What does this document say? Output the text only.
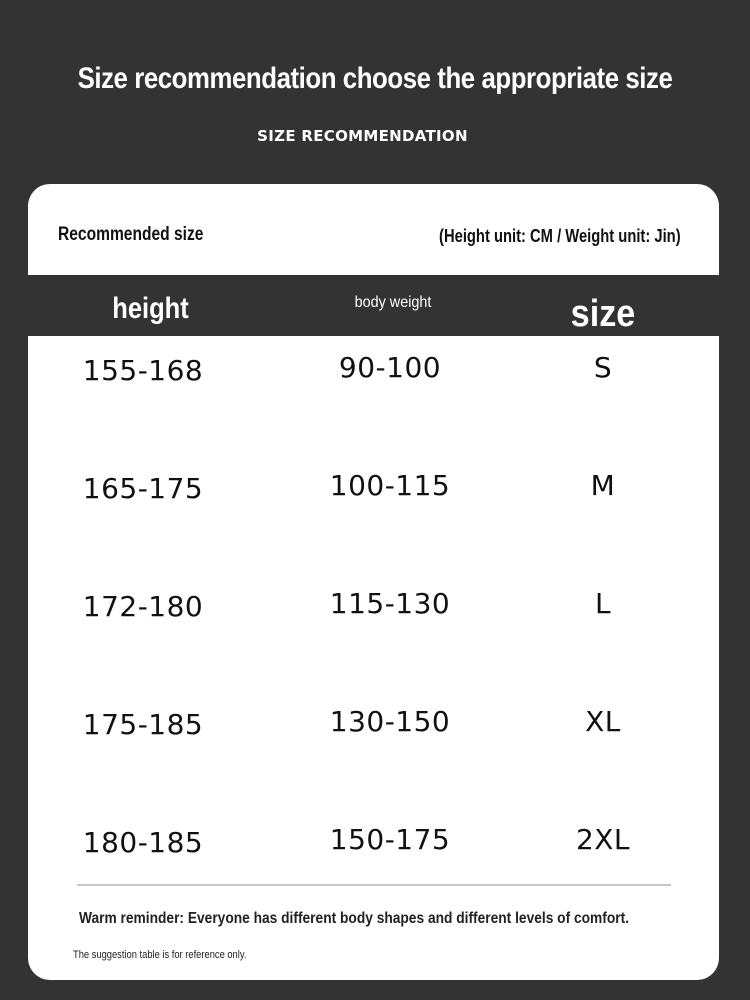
Size recommendation choose the appropriate size
SIZE RECOMMENDATION
Recommended size	(Height unit: CM / Weight unit: Jin)
height	body weight	size
155-168	90-100	S
165-175	100-115	M
172-180	115-130	L
175-185	130-150	XL
180-185	150-175	2XL
Warm reminder: Everyone has different body shapes and different levels of comfort.
The suggestion table is for reference only.
